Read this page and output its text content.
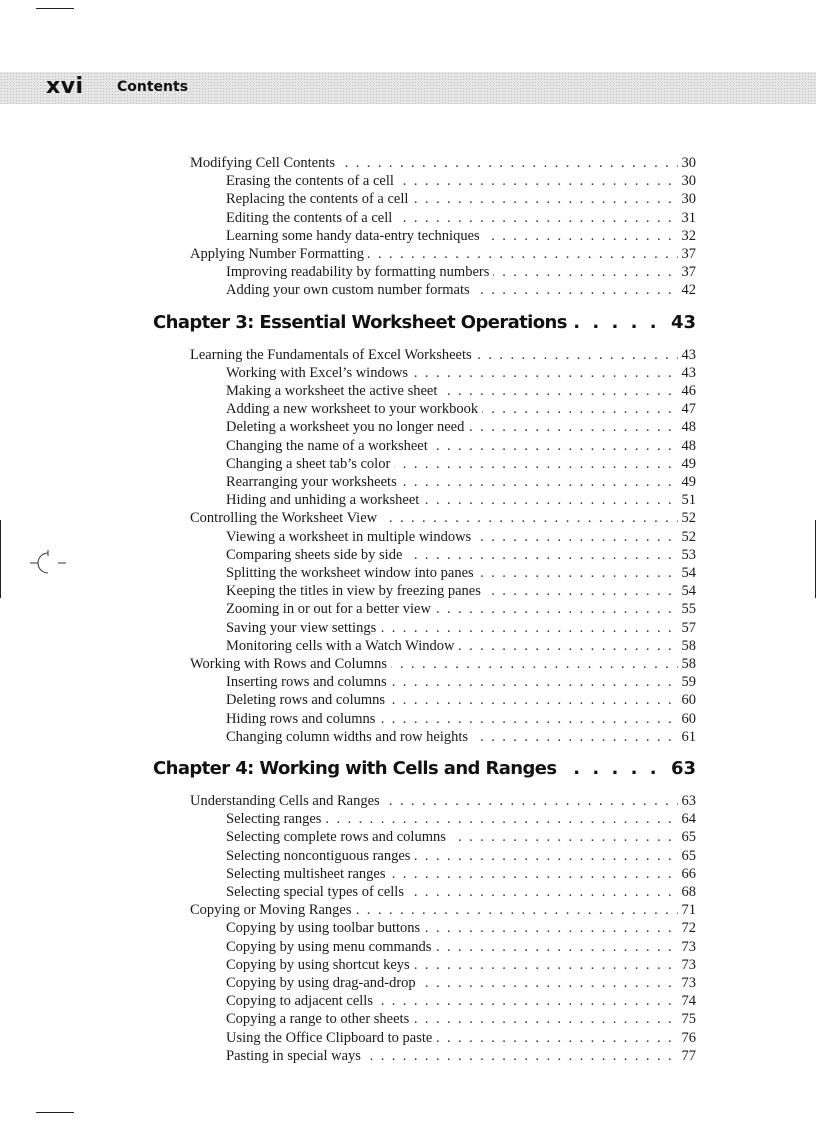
xvi Contents
Modifying Cell Contents	30
. . .
Erasing the contents of a cell	30
. . .
Replacing the contents of a cell	30
. . .
Editing the contents of a cell	31
. . .
Learning some handy data-entry techniques	32
. . .
Applying Number Formatting	37
. . .
Improving readability by formatting numbers	37
. . .
Adding your own custom number formats	42
. . .
Chapter 3: Essential Worksheet Operations	43
. . .
Learning the Fundamentals of Excel Worksheets	43
. . .
Working with Excel’s windows	43
. . .
Making a worksheet the active sheet	46
. . .
Adding a new worksheet to your workbook	47
. . .
Deleting a worksheet you no longer need	48
. . .
Changing the name of a worksheet	48
. . .
Changing a sheet tab’s color	49
. . .
Rearranging your worksheets	49
. . .
Hiding and unhiding a worksheet	51
. . .
Controlling the Worksheet View	52
. . .
Viewing a worksheet in multiple windows	52
. . .
Comparing sheets side by side	53
. . .
Splitting the worksheet window into panes	54
. . .
Keeping the titles in view by freezing panes	54
. . .
Zooming in or out for a better view	55
. . .
Saving your view settings	57
. . .
Monitoring cells with a Watch Window	58
. . .
Working with Rows and Columns	58
. . .
Inserting rows and columns	59
. . .
Deleting rows and columns	60
. . .
Hiding rows and columns	60
. . .
Changing column widths and row heights	61
. . .
Chapter 4: Working with Cells and Ranges	63
. . .
Understanding Cells and Ranges	63
. . .
Selecting ranges	64
. . .
Selecting complete rows and columns	65
. . .
Selecting noncontiguous ranges	65
. . .
Selecting multisheet ranges	66
. . .
Selecting special types of cells	68
. . .
Copying or Moving Ranges	71
. . .
Copying by using toolbar buttons	72
. . .
Copying by using menu commands	73
. . .
Copying by using shortcut keys	73
. . .
Copying by using drag-and-drop	73
. . .
Copying to adjacent cells	74
. . .
Copying a range to other sheets	75
. . .
Using the Office Clipboard to paste	76
. . .
Pasting in special ways	77
. . .
